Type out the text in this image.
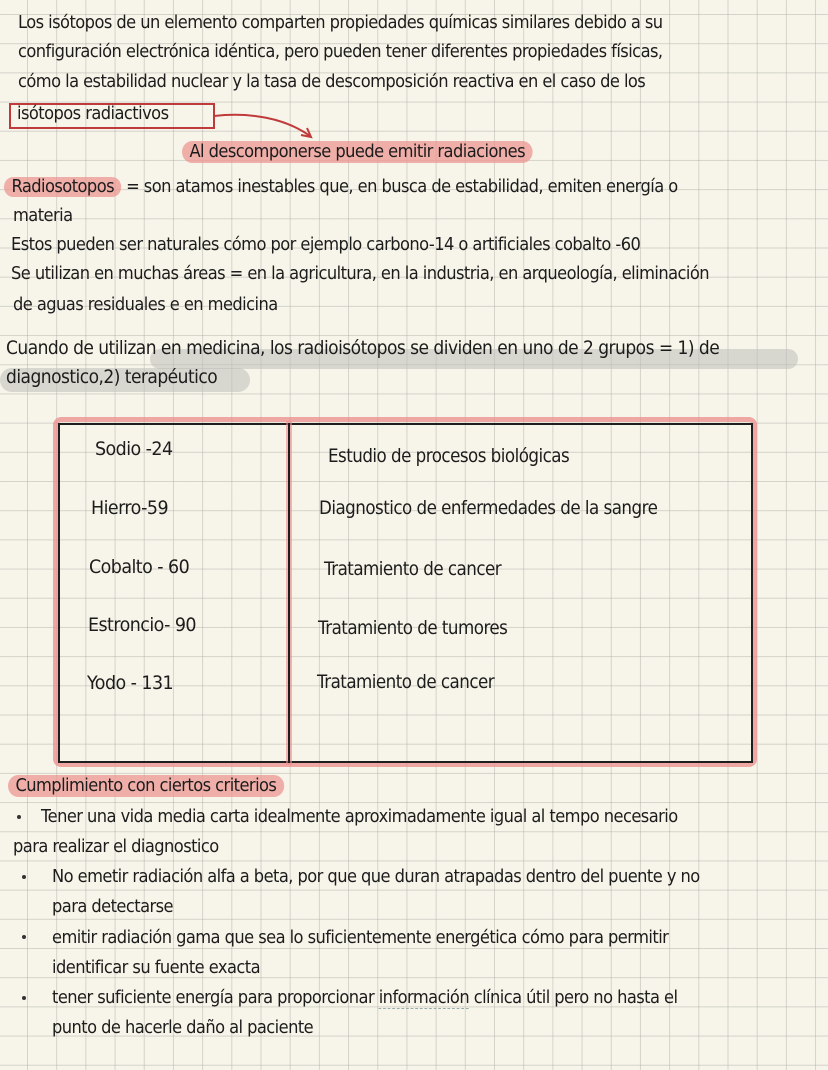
Los isótopos de un elemento comparten propiedades químicas similares debido a su
configuración electrónica idéntica, pero pueden tener diferentes propiedades físicas,
cómo la estabilidad nuclear y la tasa de descomposición reactiva en el caso de los
isótopos radiactivos
Al descomponerse puede emitir radiaciones
Radiosotopos = son atamos inestables que, en busca de estabilidad, emiten energía o
materia
Estos pueden ser naturales cómo por ejemplo carbono-14 o artificiales cobalto -60
Se utilizan en muchas áreas = en la agricultura, en la industria, en arqueología, eliminación
de aguas residuales e en medicina
Cuando de utilizan en medicina, los radioisótopos se dividen en uno de 2 grupos = 1) de
diagnostico,2) terapéutico
Sodio -24	Estudio de procesos biológicas
Hierro-59	Diagnostico de enfermedades de la sangre
Cobalto - 60	Tratamiento de cancer
Estroncio- 90	Tratamiento de tumores
Yodo - 131	Tratamiento de cancer
Cumplimiento con ciertos criterios
Tener una vida media carta idealmente aproximadamente igual al tempo necesario
para realizar el diagnostico
No emetir radiación alfa a beta, por que que duran atrapadas dentro del puente y no
para detectarse
emitir radiación gama que sea lo suficientemente energética cómo para permitir
identificar su fuente exacta
tener suficiente energía para proporcionar información clínica útil pero no hasta el
punto de hacerle daño al paciente
